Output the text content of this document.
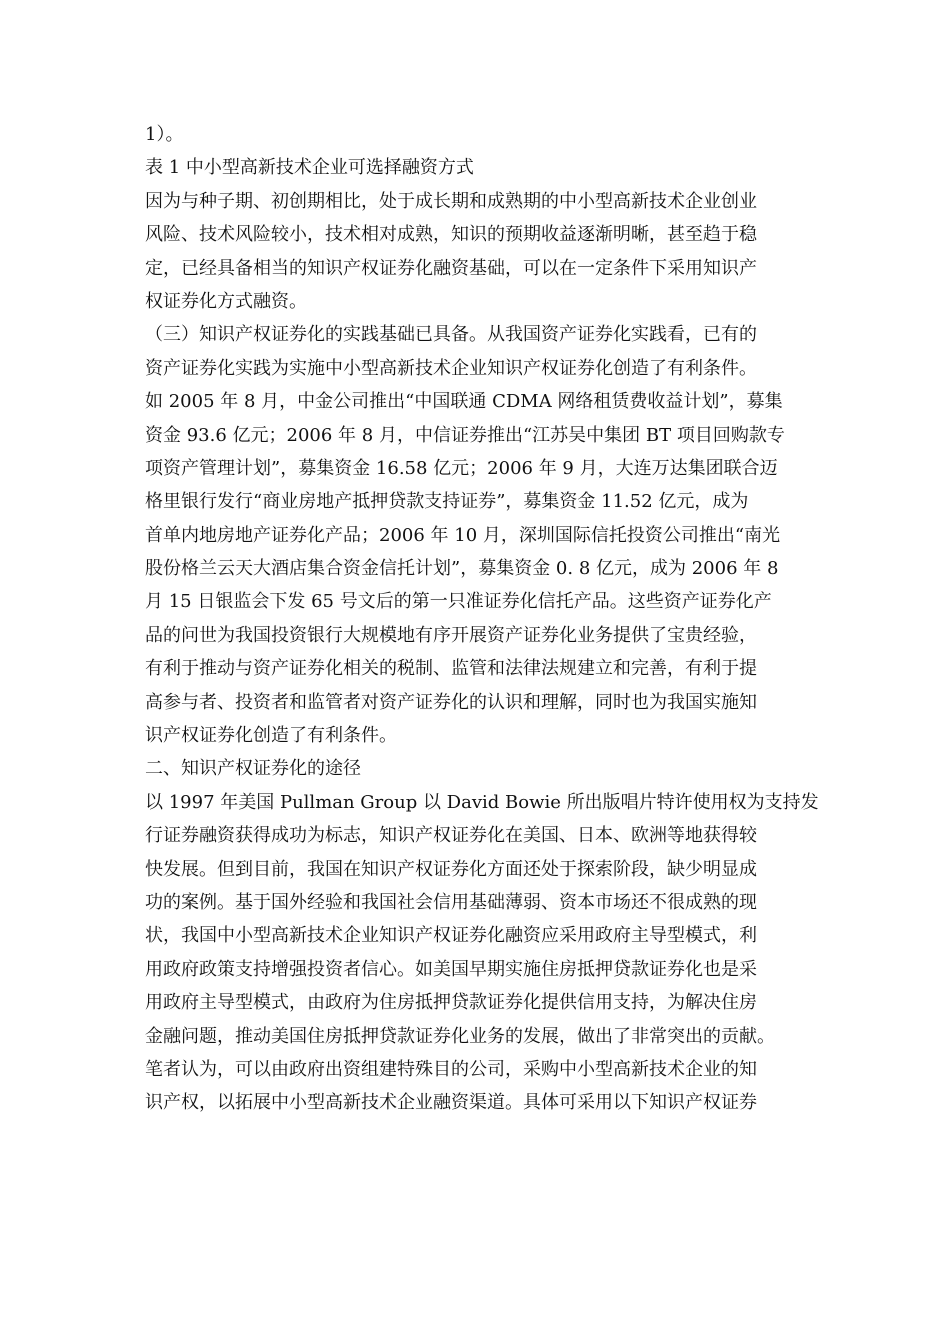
1）。
表 1 中小型高新技术企业可选择融资方式
因为与种子期、初创期相比，处于成长期和成熟期的中小型高新技术企业创业
风险、技术风险较小，技术相对成熟，知识的预期收益逐渐明晰，甚至趋于稳
定，已经具备相当的知识产权证券化融资基础，可以在一定条件下采用知识产
权证券化方式融资。
（三）知识产权证券化的实践基础已具备。从我国资产证券化实践看，已有的
资产证券化实践为实施中小型高新技术企业知识产权证券化创造了有利条件。
如 2005 年 8 月，中金公司推出“中国联通 CDMA 网络租赁费收益计划”，募集
资金 93.6 亿元；2006 年 8 月，中信证券推出“江苏吴中集团 BT 项目回购款专
项资产管理计划”，募集资金 16.58 亿元；2006 年 9 月，大连万达集团联合迈
格里银行发行“商业房地产抵押贷款支持证券”，募集资金 11.52 亿元，成为
首单内地房地产证券化产品；2006 年 10 月，深圳国际信托投资公司推出“南光
股份格兰云天大酒店集合资金信托计划”，募集资金 0. 8 亿元，成为 2006 年 8
月 15 日银监会下发 65 号文后的第一只准证券化信托产品。这些资产证券化产
品的问世为我国投资银行大规模地有序开展资产证券化业务提供了宝贵经验，
有利于推动与资产证券化相关的税制、监管和法律法规建立和完善，有利于提
高参与者、投资者和监管者对资产证券化的认识和理解，同时也为我国实施知
识产权证券化创造了有利条件。
二、知识产权证券化的途径
以 1997 年美国 Pullman Group 以 David Bowie 所出版唱片特许使用权为支持发
行证券融资获得成功为标志，知识产权证券化在美国、日本、欧洲等地获得较
快发展。但到目前，我国在知识产权证券化方面还处于探索阶段，缺少明显成
功的案例。基于国外经验和我国社会信用基础薄弱、资本市场还不很成熟的现
状，我国中小型高新技术企业知识产权证券化融资应采用政府主导型模式，利
用政府政策支持增强投资者信心。如美国早期实施住房抵押贷款证券化也是采
用政府主导型模式，由政府为住房抵押贷款证券化提供信用支持，为解决住房
金融问题，推动美国住房抵押贷款证券化业务的发展，做出了非常突出的贡献。
笔者认为，可以由政府出资组建特殊目的公司，采购中小型高新技术企业的知
识产权，以拓展中小型高新技术企业融资渠道。具体可采用以下知识产权证券
